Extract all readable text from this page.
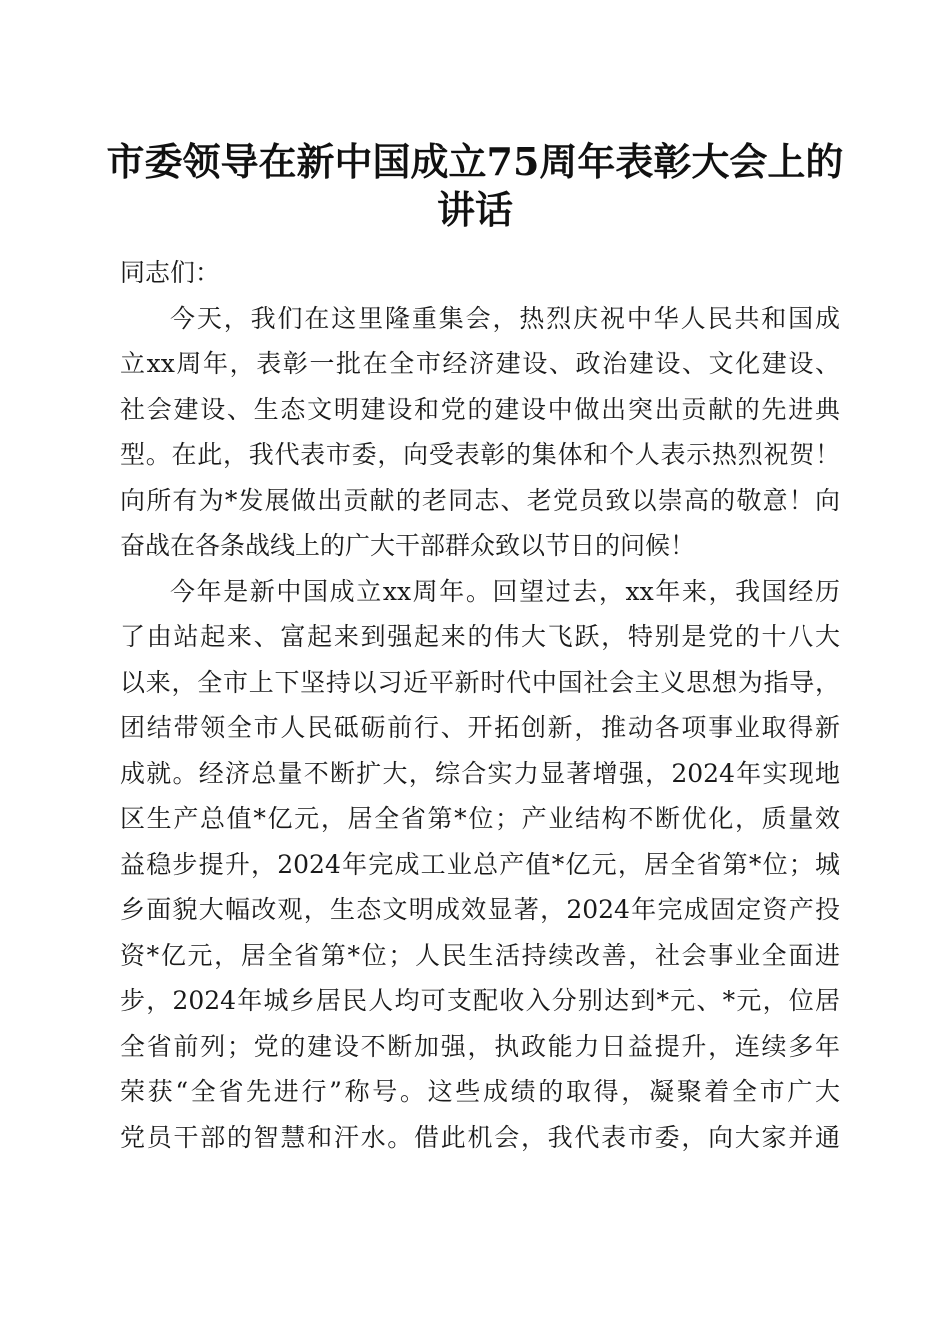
市委领导在新中国成立75周年表彰大会上的
讲话
同志们：
今天，我们在这里隆重集会，热烈庆祝中华人民共和国成
立xx周年，表彰一批在全市经济建设、政治建设、文化建设、
社会建设、生态文明建设和党的建设中做出突出贡献的先进典
型。在此，我代表市委，向受表彰的集体和个人表示热烈祝贺！
向所有为*发展做出贡献的老同志、老党员致以崇高的敬意！向
奋战在各条战线上的广大干部群众致以节日的问候！
今年是新中国成立xx周年。回望过去，xx年来，我国经历
了由站起来、富起来到强起来的伟大飞跃，特别是党的十八大
以来，全市上下坚持以习近平新时代中国社会主义思想为指导，
团结带领全市人民砥砺前行、开拓创新，推动各项事业取得新
成就。经济总量不断扩大，综合实力显著增强，2024年实现地
区生产总值*亿元，居全省第*位；产业结构不断优化，质量效
益稳步提升，2024年完成工业总产值*亿元，居全省第*位；城
乡面貌大幅改观，生态文明成效显著，2024年完成固定资产投
资*亿元，居全省第*位；人民生活持续改善，社会事业全面进
步，2024年城乡居民人均可支配收入分别达到*元、*元，位居
全省前列；党的建设不断加强，执政能力日益提升，连续多年
荣获“全省先进行”称号。这些成绩的取得，凝聚着全市广大
党员干部的智慧和汗水。借此机会，我代表市委，向大家并通
